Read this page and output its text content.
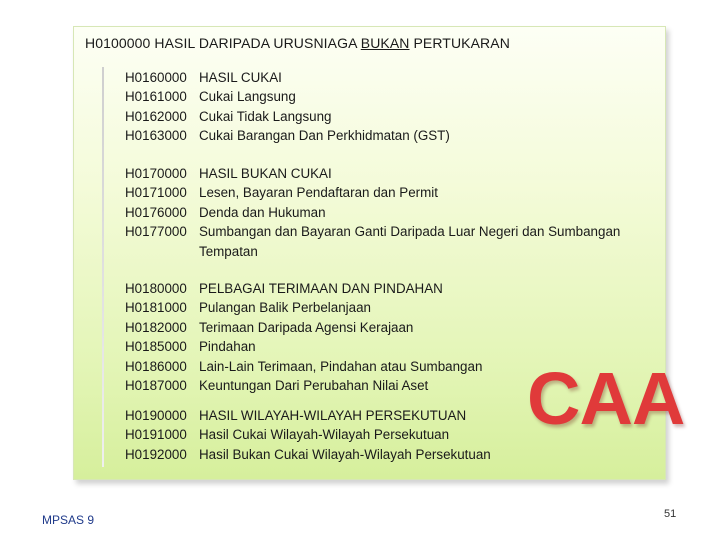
H0100000 HASIL DARIPADA URUSNIAGA BUKAN PERTUKARAN
H0160000 HASIL CUKAI
H0161000 Cukai Langsung
H0162000 Cukai Tidak Langsung
H0163000 Cukai Barangan Dan Perkhidmatan (GST)
H0170000 HASIL BUKAN CUKAI
H0171000 Lesen, Bayaran Pendaftaran dan Permit
H0176000 Denda dan Hukuman
H0177000 Sumbangan dan Bayaran Ganti Daripada Luar Negeri dan Sumbangan
Tempatan
H0180000 PELBAGAI TERIMAAN DAN PINDAHAN
H0181000 Pulangan Balik Perbelanjaan
H0182000 Terimaan Daripada Agensi Kerajaan
H0185000 Pindahan
H0186000 Lain-Lain Terimaan, Pindahan atau Sumbangan
H0187000 Keuntungan Dari Perubahan Nilai Aset
H0190000 HASIL WILAYAH-WILAYAH PERSEKUTUAN
H0191000 Hasil Cukai Wilayah-Wilayah Persekutuan
H0192000 Hasil Bukan Cukai Wilayah-Wilayah Persekutuan
CAA
MPSAS 9	51
